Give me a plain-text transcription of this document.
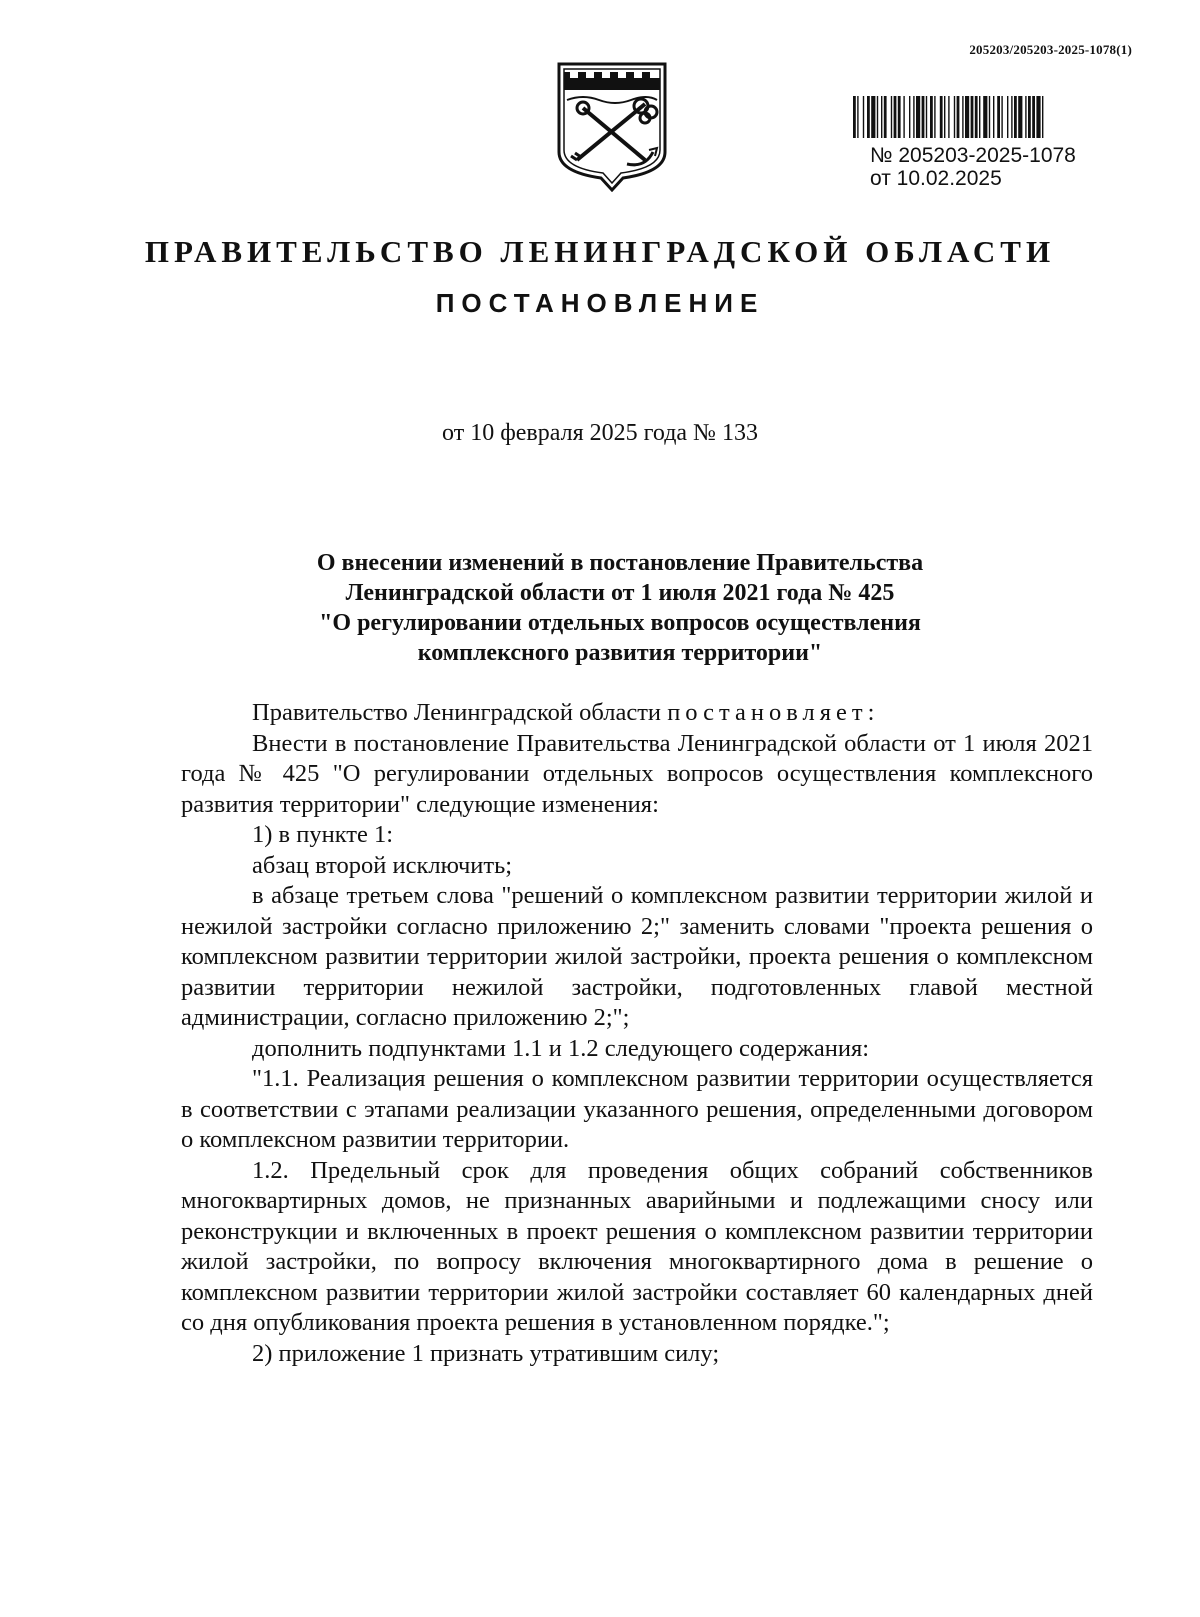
205203/205203-2025-1078(1)
№ 205203-2025-1078
от 10.02.2025
ПРАВИТЕЛЬСТВО ЛЕНИНГРАДСКОЙ ОБЛАСТИ
ПОСТАНОВЛЕНИЕ
от 10 февраля 2025 года № 133
О внесении изменений в постановление Правительства
Ленинградской области от 1 июля 2021 года № 425
"О регулировании отдельных вопросов осуществления
комплексного развития территории"

Правительство Ленинградской области постановляет:

Внести в постановление Правительства Ленинградской области от 1 июля 2021 года № 425 "О регулировании отдельных вопросов осуществления комплексного развития территории" следующие изменения:

1) в пункте 1:

абзац второй исключить;

в абзаце третьем слова "решений о комплексном развитии территории жилой и нежилой застройки согласно приложению 2;" заменить словами "проекта решения о комплексном развитии территории жилой застройки, проекта решения о комплексном развитии территории нежилой застройки, подготовленных главой местной администрации, согласно приложению 2;";

дополнить подпунктами 1.1 и 1.2 следующего содержания:

"1.1. Реализация решения о комплексном развитии территории осуществляется в соответствии с этапами реализации указанного решения, определенными договором о комплексном развитии территории.

1.2. Предельный срок для проведения общих собраний собственников многоквартирных домов, не признанных аварийными и подлежащими сносу или реконструкции и включенных в проект решения о комплексном развитии территории жилой застройки, по вопросу включения многоквартирного дома в решение о комплексном развитии территории жилой застройки составляет 60 календарных дней со дня опубликования проекта решения в установленном порядке.";

2) приложение 1 признать утратившим силу;
